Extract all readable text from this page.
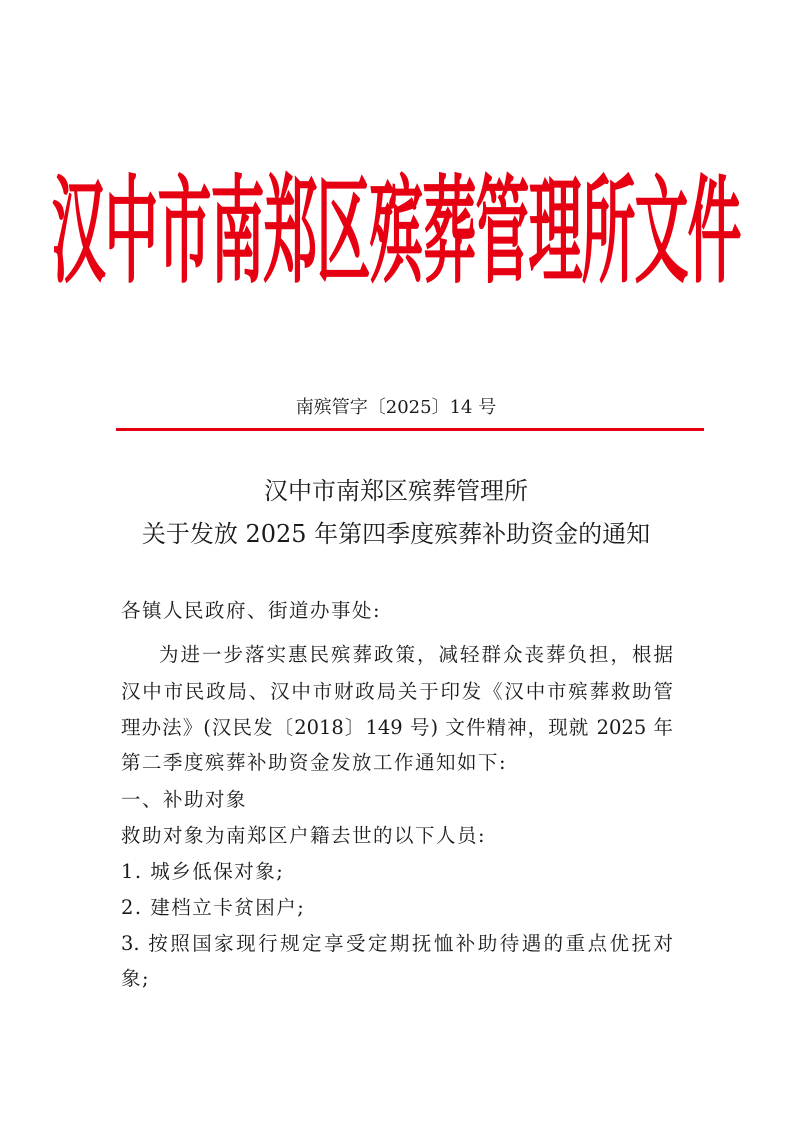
汉中市南郑区殡葬管理所文件
南殡管字〔2025〕14 号
汉中市南郑区殡葬管理所
关于发放 2025 年第四季度殡葬补助资金的通知
各镇人民政府、街道办事处:
为进一步落实惠民殡葬政策，减轻群众丧葬负担，根据
汉中市民政局、汉中市财政局关于印发《汉中市殡葬救助管
理办法》(汉民发〔2018〕149 号) 文件精神，现就 2025 年
第二季度殡葬补助资金发放工作通知如下:
一、补助对象
救助对象为南郑区户籍去世的以下人员:
1. 城乡低保对象;
2. 建档立卡贫困户;
3. 按照国家现行规定享受定期抚恤补助待遇的重点优抚对
象;
